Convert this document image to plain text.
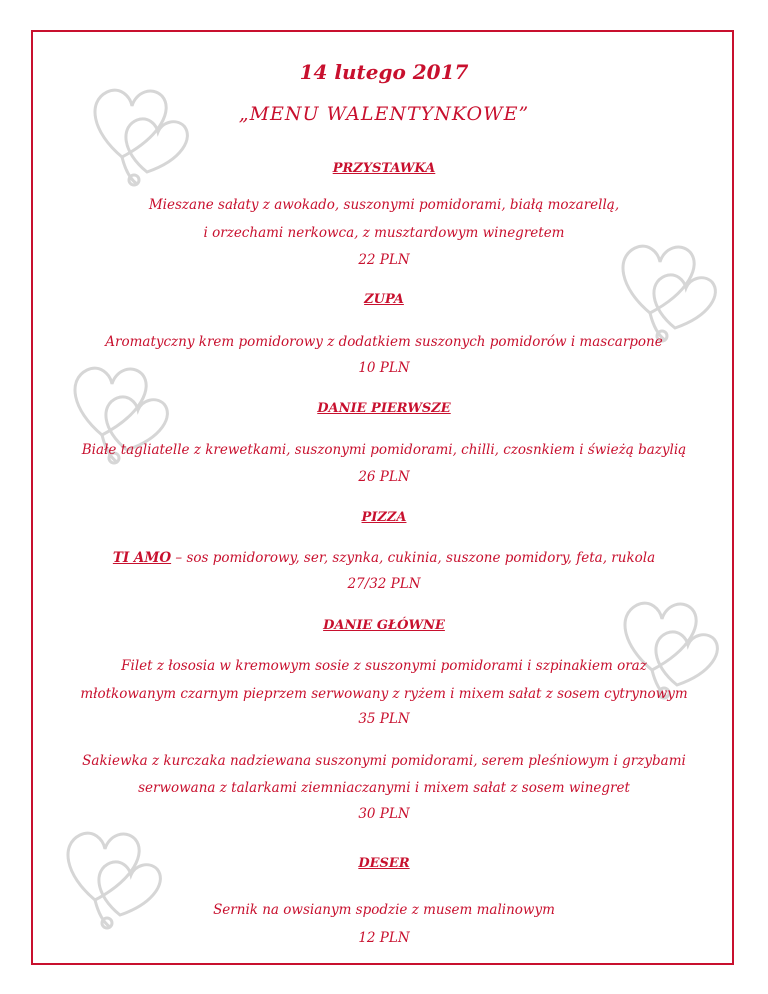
14 lutego 2017
„MENU WALENTYNKOWE”
PRZYSTAWKA
Mieszane sałaty z awokado, suszonymi pomidorami, białą mozarellą,
i orzechami nerkowca, z musztardowym winegretem
22 PLN
ZUPA
Aromatyczny krem pomidorowy z dodatkiem suszonych pomidorów i mascarpone
10 PLN
DANIE PIERWSZE
Białe tagliatelle z krewetkami, suszonymi pomidorami, chilli, czosnkiem i świeżą bazylią
26 PLN
PIZZA
TI AMO – sos pomidorowy, ser, szynka, cukinia, suszone pomidory, feta, rukola
27/32 PLN
DANIE GŁÓWNE
Filet z łososia w kremowym sosie z suszonymi pomidorami i szpinakiem oraz
młotkowanym czarnym pieprzem serwowany z ryżem i mixem sałat z sosem cytrynowym
35 PLN
Sakiewka z kurczaka nadziewana suszonymi pomidorami, serem pleśniowym i grzybami
serwowana z talarkami ziemniaczanymi i mixem sałat z sosem winegret
30 PLN
DESER
Sernik na owsianym spodzie z musem malinowym
12 PLN
